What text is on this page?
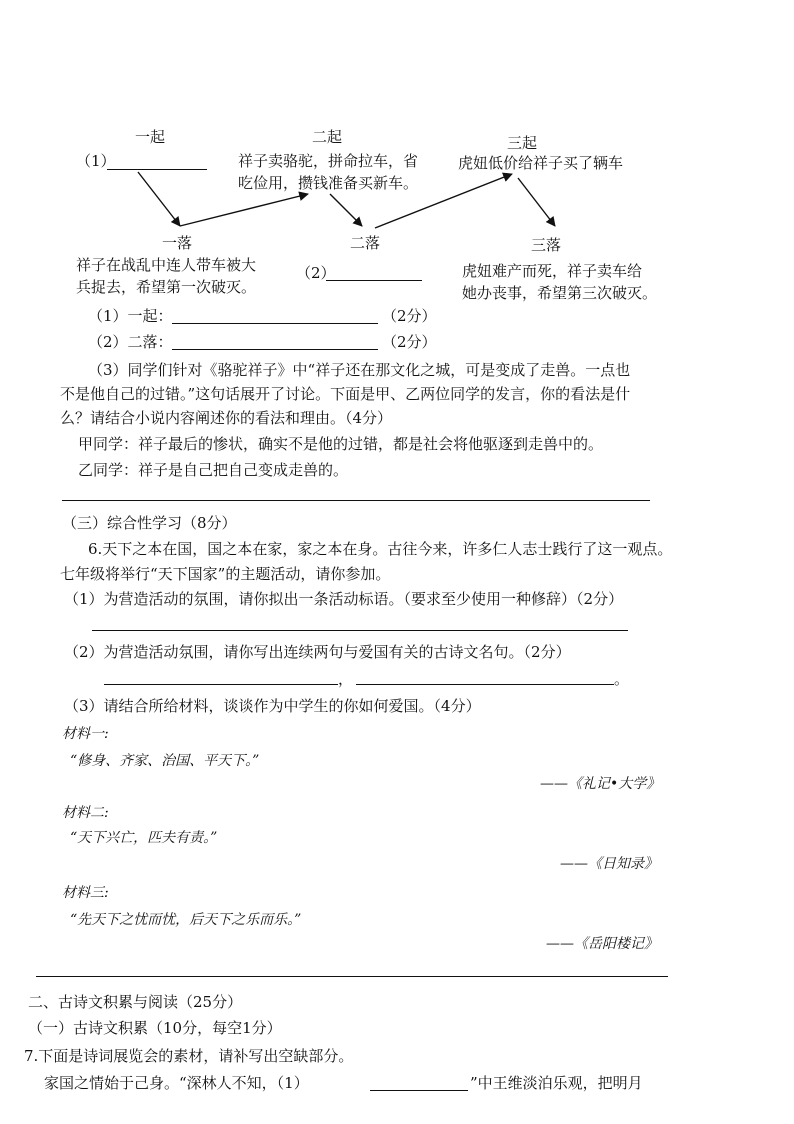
一起	二起	三起
（1）	祥子卖骆驼，拼命拉车，省
吃俭用，攒钱准备买新车。
虎妞低价给祥子买了辆车
一落	二落	三落
祥子在战乱中连人带车被大
兵捉去，希望第一次破灭。
（2）	虎妞难产而死，祥子卖车给
她办丧事，希望第三次破灭。
（1）一起：	（2分）
（2）二落：	（2分）
（3）同学们针对《骆驼祥子》中“祥子还在那文化之城，可是变成了走兽。一点也
不是他自己的过错。”这句话展开了讨论。下面是甲、乙两位同学的发言，你的看法是什
么？请结合小说内容阐述你的看法和理由。（4分）
甲同学：祥子最后的惨状，确实不是他的过错，都是社会将他驱逐到走兽中的。
乙同学：祥子是自己把自己变成走兽的。
（三）综合性学习（8分）
6.天下之本在国，国之本在家，家之本在身。古往今来，许多仁人志士践行了这一观点。
七年级将举行“天下国家”的主题活动，请你参加。
（1）为营造活动的氛围，请你拟出一条活动标语。（要求至少使用一种修辞）（2分）
（2）为营造活动氛围，请你写出连续两句与爱国有关的古诗文名句。（2分）
，	。
（3）请结合所给材料，谈谈作为中学生的你如何爱国。（4分）
材料一:
“修身、齐家、治国、平天下。”
——《礼记•大学》
材料二:
“天下兴亡，匹夫有责。”
——《日知录》
材料三:
“先天下之忧而忧，后天下之乐而乐。”
——《岳阳楼记》
二、古诗文积累与阅读（25分）
（一）古诗文积累（10分，每空1分）
7.下面是诗词展览会的素材，请补写出空缺部分。
家国之情始于己身。“深林人不知，（1）	”中王维淡泊乐观，把明月
